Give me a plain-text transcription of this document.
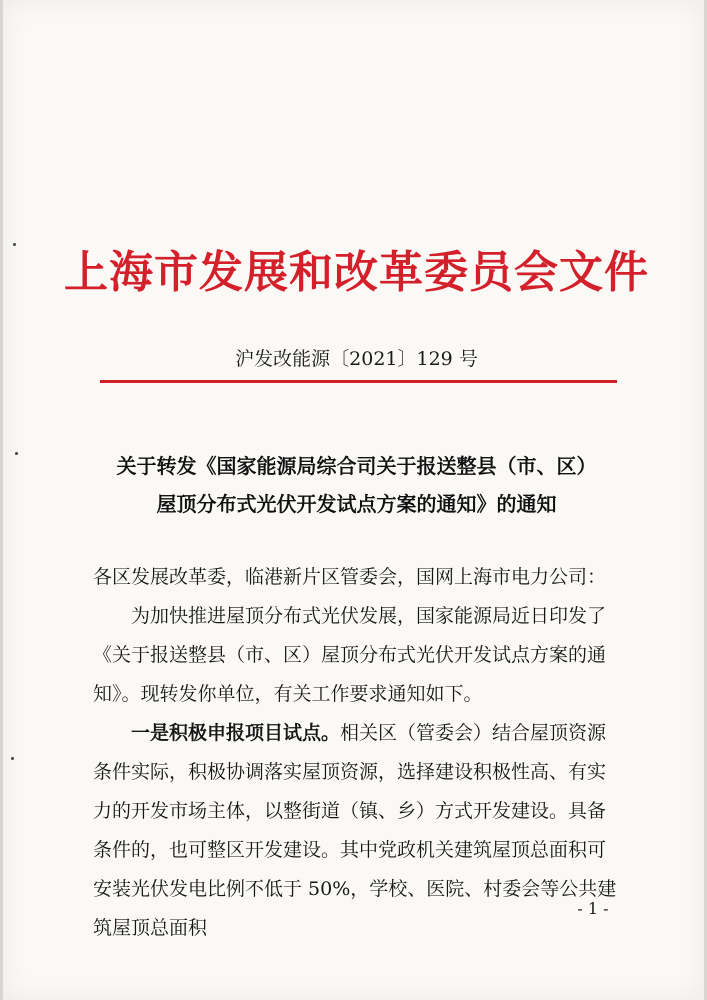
上海市发展和改革委员会文件
沪发改能源〔2021〕129 号
关于转发《国家能源局综合司关于报送整县（市、区）
屋顶分布式光伏开发试点方案的通知》的通知
各区发展改革委，临港新片区管委会，国网上海市电力公司：
为加快推进屋顶分布式光伏发展，国家能源局近日印发了《关于报送整县（市、区）屋顶分布式光伏开发试点方案的通知》。现转发你单位，有关工作要求通知如下。
一是积极申报项目试点。相关区（管委会）结合屋顶资源条件实际，积极协调落实屋顶资源，选择建设积极性高、有实力的开发市场主体，以整街道（镇、乡）方式开发建设。具备条件的，也可整区开发建设。其中党政机关建筑屋顶总面积可安装光伏发电比例不低于 50%，学校、医院、村委会等公共建筑屋顶总面积
- 1 -
